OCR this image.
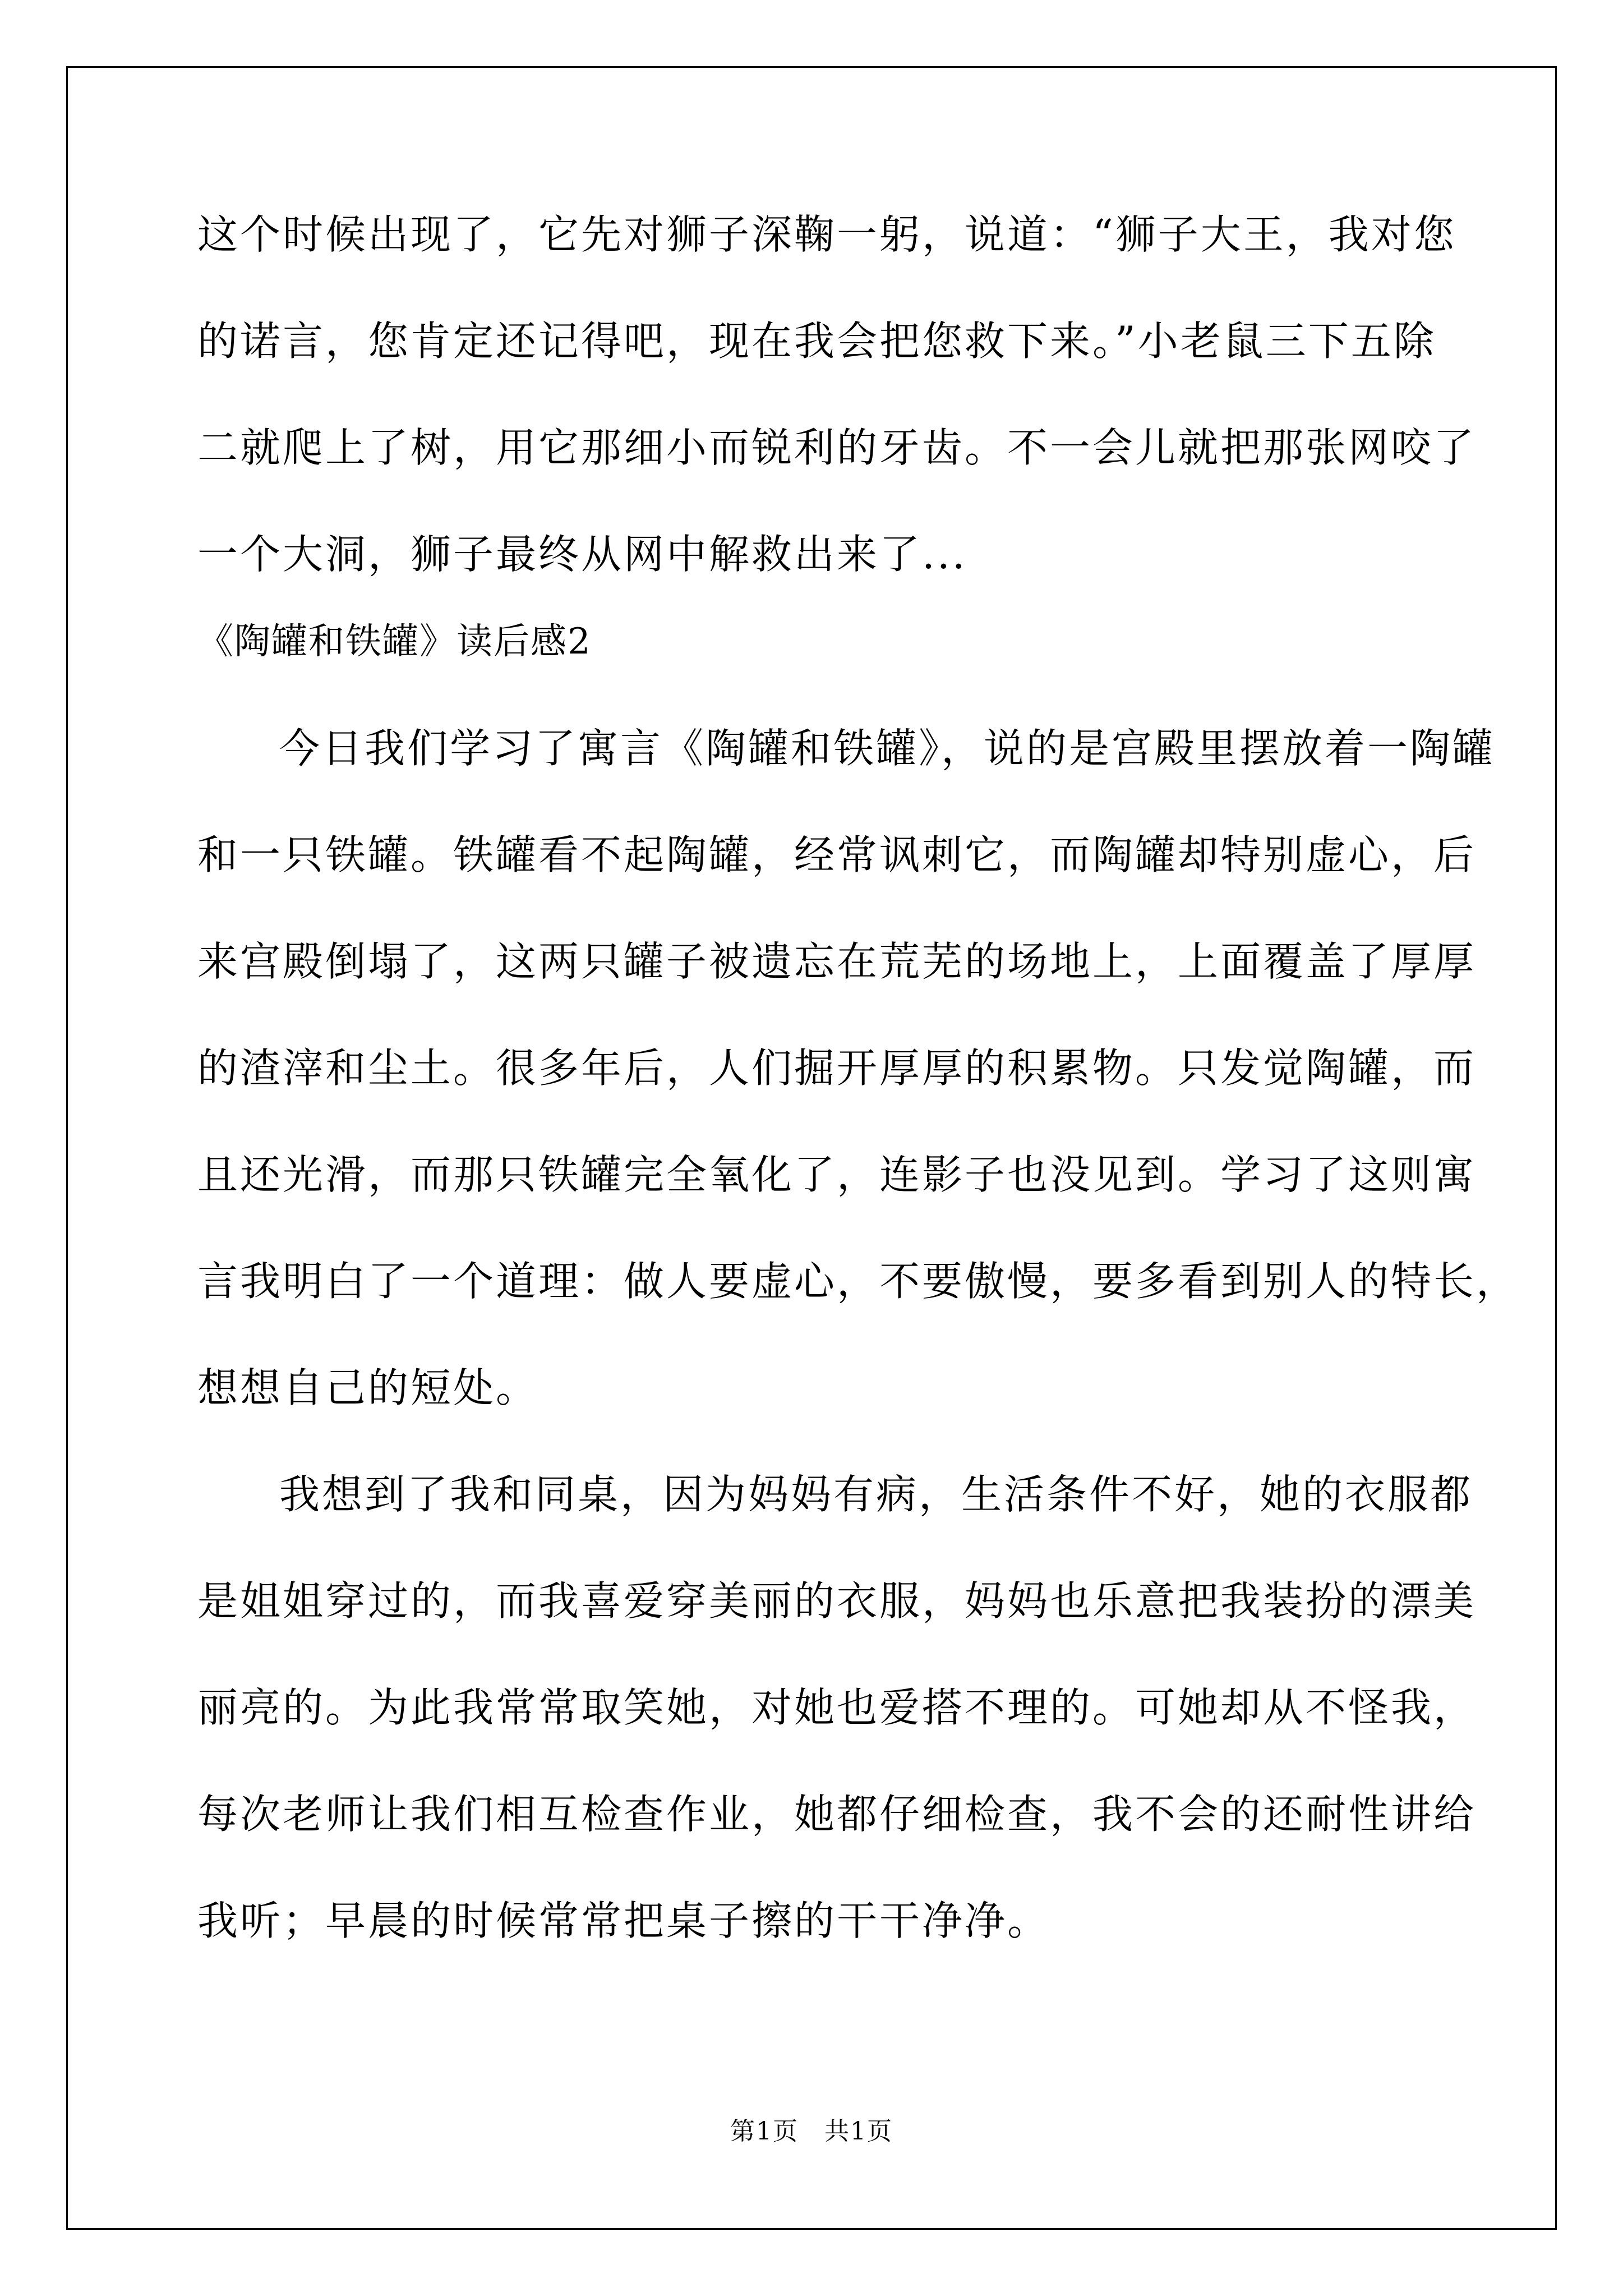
这个时候出现了，它先对狮子深鞠一躬，说道：“狮子大王，我对您
的诺言，您肯定还记得吧，现在我会把您救下来。”小老鼠三下五除
二就爬上了树，用它那细小而锐利的牙齿。不一会儿就把那张网咬了
一个大洞，狮子最终从网中解救出来了...
《陶罐和铁罐》读后感2
今日我们学习了寓言《陶罐和铁罐》，说的是宫殿里摆放着一陶罐
和一只铁罐。铁罐看不起陶罐，经常讽刺它，而陶罐却特别虚心，后
来宫殿倒塌了，这两只罐子被遗忘在荒芜的场地上，上面覆盖了厚厚
的渣滓和尘土。很多年后，人们掘开厚厚的积累物。只发觉陶罐，而
且还光滑，而那只铁罐完全氧化了，连影子也没见到。学习了这则寓
言我明白了一个道理：做人要虚心，不要傲慢，要多看到别人的特长，
想想自己的短处。
我想到了我和同桌，因为妈妈有病，生活条件不好，她的衣服都
是姐姐穿过的，而我喜爱穿美丽的衣服，妈妈也乐意把我装扮的漂美
丽亮的。为此我常常取笑她，对她也爱搭不理的。可她却从不怪我，
每次老师让我们相互检查作业，她都仔细检查，我不会的还耐性讲给
我听；早晨的时候常常把桌子擦的干干净净。
第1页　共1页
